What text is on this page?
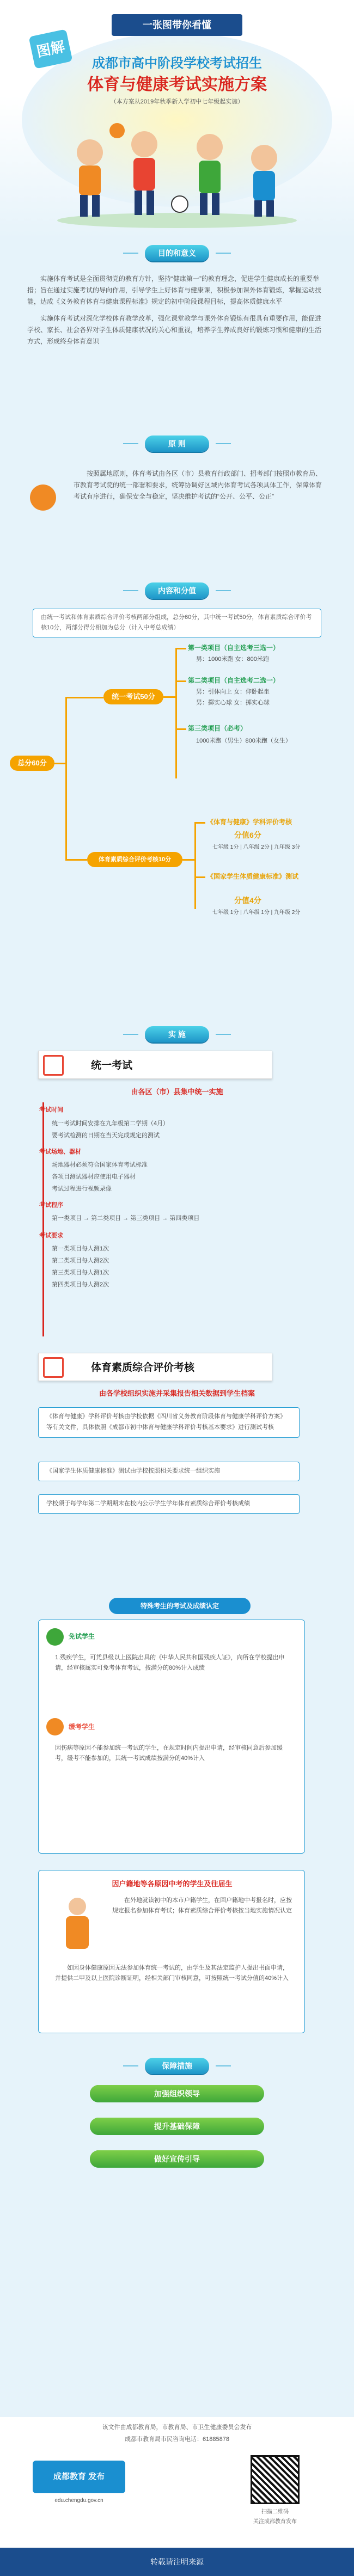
一张图带你看懂
图解
成都市高中阶段学校考试招生
体育与健康考试实施方案
（本方案从2019年秋季新入学初中七年级起实施）
目的和意义

实施体育考试是全面贯彻党的教育方针，坚持“健康第一”的教育理念，促进学生健康成长的重要举措；旨在通过实施考试的导向作用，引导学生上好体育与健康课，积极参加课外体育锻炼，掌握运动技能，达成《义务教育体育与健康课程标准》规定的初中阶段课程目标，提高体质健康水平

实施体育考试对深化学校体育教学改革，强化课堂教学与课外体育锻炼有很具有重要作用，能促进学校、家长、社会各界对学生体质健康状况的关心和重视，培养学生养成良好的锻炼习惯和健康的生活方式，形成终身体育意识

原 则

按照属地原则，体育考试由各区（市）县教育行政部门、招考部门按照市教育局、市教育考试院的统一部署和要求，统筹协调好区域内体育考试各项具体工作，保障体育考试有序进行，确保安全与稳定，坚决维护考试的“公开、公平、公正”

内容和分值
由统一考试和体育素质综合评价考核两部分组成，总分60分，其中统一考试50分，体育素质综合评价考核10分，两部分得分相加为总分（计入中考总成绩）
总分60分
统一考试50分
第一类项目（自主选考三选一）
男：1000米跑 女：800米跑
第二类项目（自主选考二选一）
男：引体向上 女：仰卧起坐
男：掷实心球 女：掷实心球
第三类项目（必考）
1000米跑（男生）800米跑（女生）
体育素质综合评价考核10分
《体育与健康》学科评价考核
分值6分
七年级 1分 | 八年级 2分 | 九年级 3分
《国家学生体质健康标准》测试
分值4分
七年级 1分 | 八年级 1分 | 九年级 2分
实 施
统一考试
由各区（市）县集中统一实施
考试时间
统一考试时间安排在九年级第二学期（4月）
要考试检测的日期在当天完成规定的测试
考试场地、器材
场地器材必须符合国家体育考试标准
各项目测试器材应使用电子器材
考试过程进行视频录像
考试程序
第一类项目 → 第二类项目 → 第三类项目 → 第四类项目
考试要求
第一类项目每人测1次
第二类项目每人测2次
第三类项目每人测1次
第四类项目每人测2次
体育素质综合评价考核
由各学校组织实施并采集报告相关数据到学生档案
《体育与健康》学科评价考核由学校依据《四川省义务教育阶段体育与健康学科评价方案》等有关文件，具体依照《成都市初中体育与健康学科评价考核基本要求》进行测试考核
《国家学生体质健康标准》测试由学校按照相关要求统一组织实施
学校须于每学年第二学期期末在校内公示学生学年体育素质综合评价考核成绩
特殊考生的考试及成绩认定
免试学生
1.残疾学生，可凭县级以上医院出具的《中华人民共和国残疾人证》，向所在学校提出申请，经审核属实可免考体育考试，按满分的80%计入成绩
缓考学生
因伤病等原因不能参加统一考试的学生，在规定时间内提出申请，经审核同意后参加缓考，缓考不能参加的，其统一考试成绩按满分的40%计入
因户籍地等各原因中考的学生及往届生
在外地就读初中的本市户籍学生，在回户籍地中考报名时，应按规定报名参加体育考试；体育素质综合评价考核按当地实施情况认定
如因身体健康原因无法参加体育统一考试的，由学生及其法定监护人提出书面申请，并提供二甲及以上医院诊断证明，经相关部门审核同意，可按照统一考试分值的40%计入
保障措施
加强组织领导
提升基础保障
做好宣传引导
该文件由成都教育局，市教育局、市卫生健康委员会发布
成都市教育局市民咨询电话：61885878
成都教育 发布
edu.chengdu.gov.cn
扫描二维码
关注成都教育发布
转载请注明来源
